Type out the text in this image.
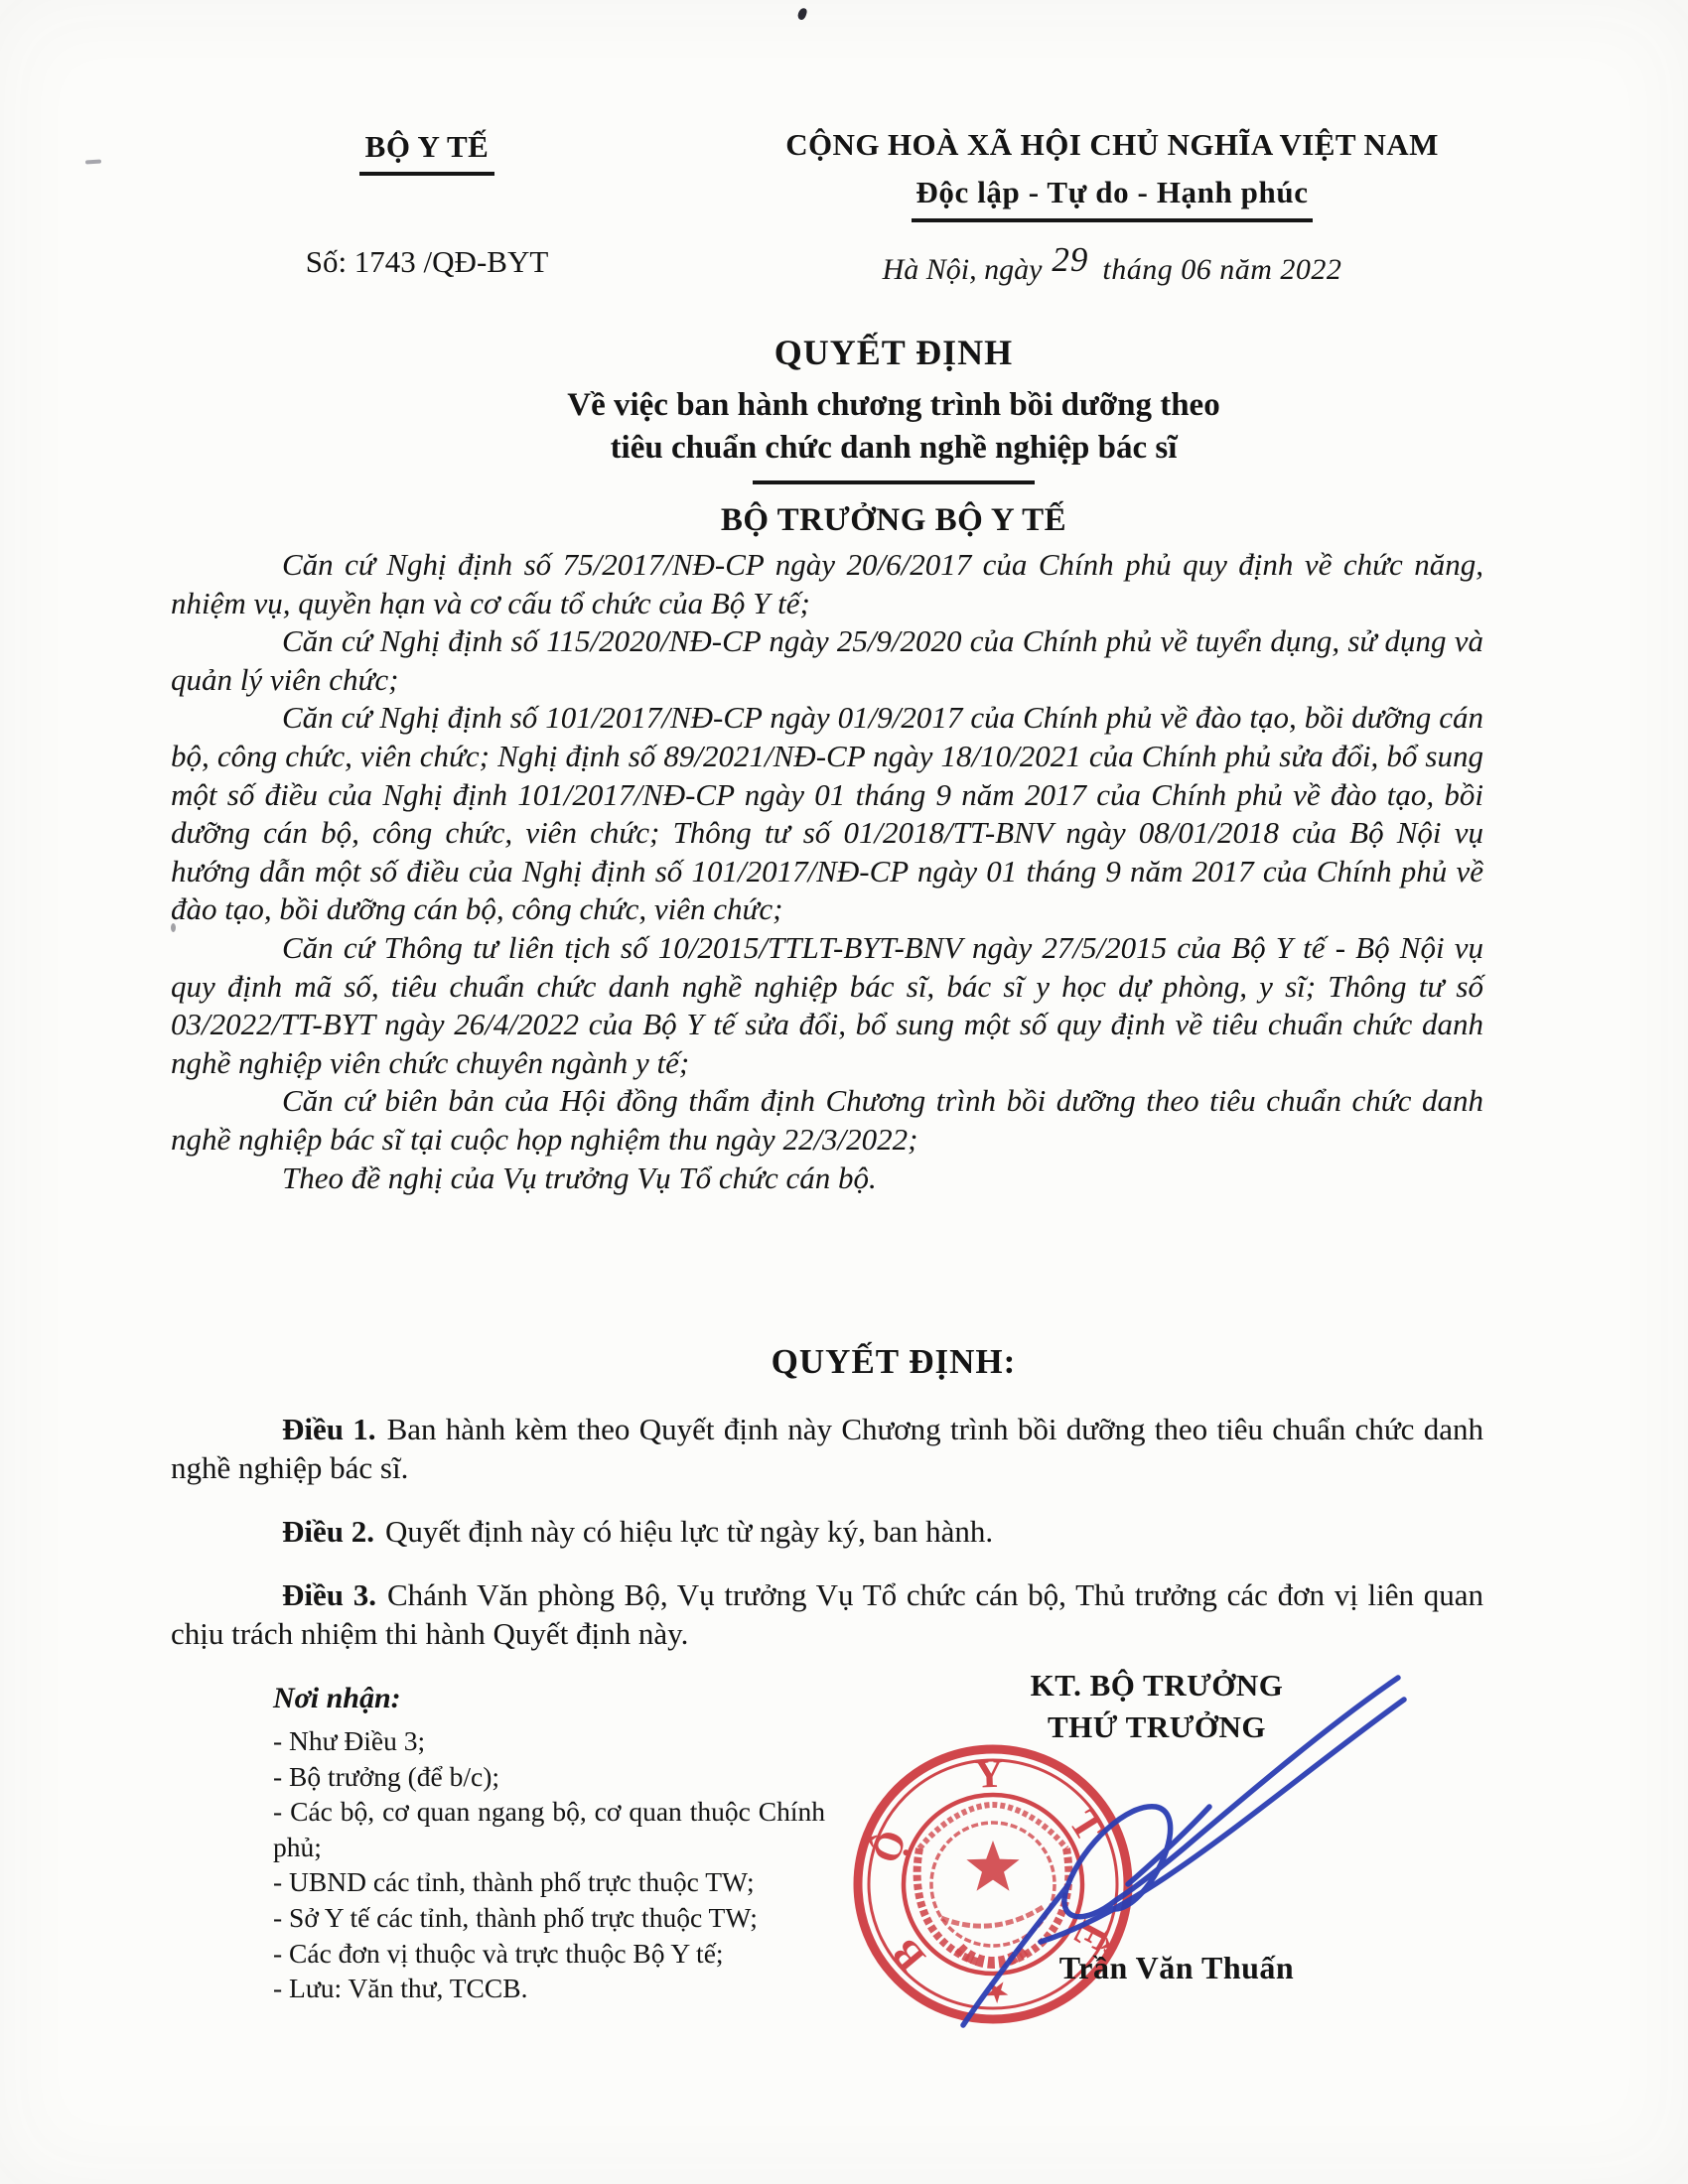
BỘ Y TẾ
Số: 1743 /QĐ-BYT
CỘNG HOÀ XÃ HỘI CHỦ NGHĨA VIỆT NAM
Độc lập - Tự do - Hạnh phúc
Hà Nội, ngày 29 tháng 06 năm 2022
QUYẾT ĐỊNH
Về việc ban hành chương trình bồi dưỡng theo
tiêu chuẩn chức danh nghề nghiệp bác sĩ
BỘ TRƯỞNG BỘ Y TẾ

Căn cứ Nghị định số 75/2017/NĐ-CP ngày 20/6/2017 của Chính phủ quy định về chức năng, nhiệm vụ, quyền hạn và cơ cấu tổ chức của Bộ Y tế;

Căn cứ Nghị định số 115/2020/NĐ-CP ngày 25/9/2020 của Chính phủ về tuyển dụng, sử dụng và quản lý viên chức;

Căn cứ Nghị định số 101/2017/NĐ-CP ngày 01/9/2017 của Chính phủ về đào tạo, bồi dưỡng cán bộ, công chức, viên chức; Nghị định số 89/2021/NĐ-CP ngày 18/10/2021 của Chính phủ sửa đổi, bổ sung một số điều của Nghị định 101/2017/NĐ-CP ngày 01 tháng 9 năm 2017 của Chính phủ về đào tạo, bồi dưỡng cán bộ, công chức, viên chức; Thông tư số 01/2018/TT-BNV ngày 08/01/2018 của Bộ Nội vụ hướng dẫn một số điều của Nghị định số 101/2017/NĐ-CP ngày 01 tháng 9 năm 2017 của Chính phủ về đào tạo, bồi dưỡng cán bộ, công chức, viên chức;

Căn cứ Thông tư liên tịch số 10/2015/TTLT-BYT-BNV ngày 27/5/2015 của Bộ Y tế - Bộ Nội vụ quy định mã số, tiêu chuẩn chức danh nghề nghiệp bác sĩ, bác sĩ y học dự phòng, y sĩ; Thông tư số 03/2022/TT-BYT ngày 26/4/2022 của Bộ Y tế sửa đổi, bổ sung một số quy định về tiêu chuẩn chức danh nghề nghiệp viên chức chuyên ngành y tế;

Căn cứ biên bản của Hội đồng thẩm định Chương trình bồi dưỡng theo tiêu chuẩn chức danh nghề nghiệp bác sĩ tại cuộc họp nghiệm thu ngày 22/3/2022;

Theo đề nghị của Vụ trưởng Vụ Tổ chức cán bộ.

QUYẾT ĐỊNH:

Điều 1. Ban hành kèm theo Quyết định này Chương trình bồi dưỡng theo tiêu chuẩn chức danh nghề nghiệp bác sĩ.

Điều 2. Quyết định này có hiệu lực từ ngày ký, ban hành.

Điều 3. Chánh Văn phòng Bộ, Vụ trưởng Vụ Tổ chức cán bộ, Thủ trưởng các đơn vị liên quan chịu trách nhiệm thi hành Quyết định này.

Nơi nhận:

- Như Điều 3;
- Bộ trưởng (để b/c);
- Các bộ, cơ quan ngang bộ, cơ quan thuộc Chính phủ;
- UBND các tỉnh, thành phố trực thuộc TW;
- Sở Y tế các tỉnh, thành phố trực thuộc TW;
- Các đơn vị thuộc và trực thuộc Bộ Y tế;
- Lưu: Văn thư, TCCB.
KT. BỘ TRƯỞNG
THỨ TRƯỞNG
Y
T
Ế
B
Ộ
★
Trần Văn Thuấn
